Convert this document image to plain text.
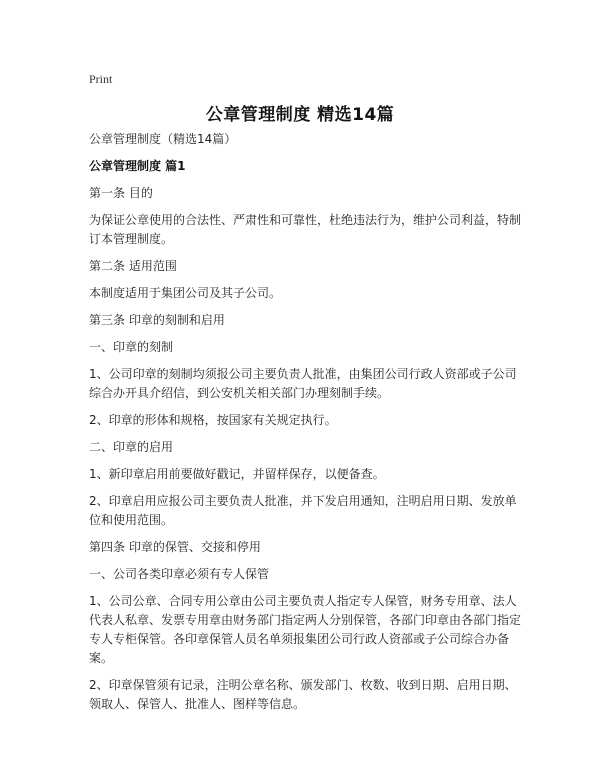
Print
公章管理制度 精选14篇

公章管理制度（精选14篇）

公章管理制度 篇1

第一条 目的

为保证公章使用的合法性、严肃性和可靠性，杜绝违法行为，维护公司利益，特制订本管理制度。

第二条 适用范围

本制度适用于集团公司及其子公司。

第三条 印章的刻制和启用

一、印章的刻制

1、公司印章的刻制均须报公司主要负责人批准，由集团公司行政人资部或子公司综合办开具介绍信，到公安机关相关部门办理刻制手续。

2、印章的形体和规格，按国家有关规定执行。

二、印章的启用

1、新印章启用前要做好戳记，并留样保存，以便备查。

2、印章启用应报公司主要负责人批准，并下发启用通知，注明启用日期、发放单位和使用范围。

第四条 印章的保管、交接和停用

一、公司各类印章必须有专人保管

1、公司公章、合同专用公章由公司主要负责人指定专人保管，财务专用章、法人代表人私章、发票专用章由财务部门指定两人分别保管，各部门印章由各部门指定专人专柜保管。各印章保管人员名单须报集团公司行政人资部或子公司综合办备案。

2、印章保管须有记录，注明公章名称、颁发部门、枚数、收到日期、启用日期、领取人、保管人、批准人、图样等信息。
